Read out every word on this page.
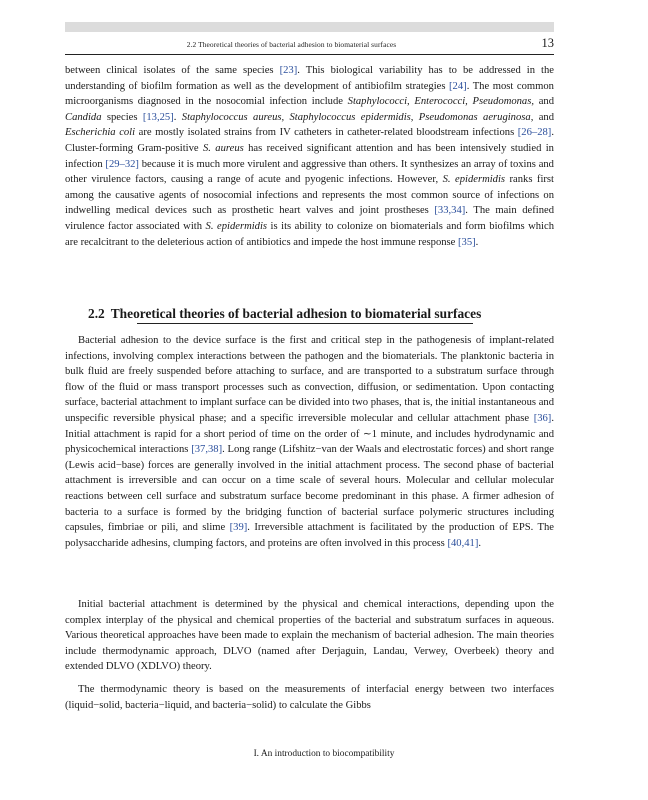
2.2 Theoretical theories of bacterial adhesion to biomaterial surfaces	13

between clinical isolates of the same species [23]. This biological variability has to be addressed in the understanding of biofilm formation as well as the development of antibiofilm strategies [24]. The most common microorganisms diagnosed in the nosocomial infection include Staphylococci, Enterococci, Pseudomonas, and Candida species [13,25]. Staphylococcus aureus, Staphylococcus epidermidis, Pseudomonas aeruginosa, and Escherichia coli are mostly isolated strains from IV catheters in catheter-related bloodstream infections [26–28]. Cluster-forming Gram-positive S. aureus has received significant attention and has been intensively studied in infection [29–32] because it is much more virulent and aggressive than others. It synthesizes an array of toxins and other virulence factors, causing a range of acute and pyogenic infections. However, S. epidermidis ranks first among the causative agents of nosocomial infections and represents the most common source of infections on indwelling medical devices such as prosthetic heart valves and joint prostheses [33,34]. The main defined virulence factor associated with S. epidermidis is its ability to colonize on biomaterials and form biofilms which are recalcitrant to the deleterious action of antibiotics and impede the host immune response [35].

2.2 Theoretical theories of bacterial adhesion to biomaterial surfaces

Bacterial adhesion to the device surface is the first and critical step in the pathogenesis of implant-related infections, involving complex interactions between the pathogen and the biomaterials. The planktonic bacteria in bulk fluid are freely suspended before attaching to surface, and are transported to a substratum surface through flow of the fluid or mass transport processes such as convection, diffusion, or sedimentation. Upon contacting surface, bacterial attachment to implant surface can be divided into two phases, that is, the initial instantaneous and unspecific reversible physical phase; and a specific irreversible molecular and cellular attachment phase [36]. Initial attachment is rapid for a short period of time on the order of ∼1 minute, and includes hydrodynamic and physicochemical interactions [37,38]. Long range (Lifshitz−van der Waals and electrostatic forces) and short range (Lewis acid−base) forces are generally involved in the initial attachment process. The second phase of bacterial attachment is irreversible and can occur on a time scale of several hours. Molecular and cellular molecular reactions between cell surface and substratum surface become predominant in this phase. A firmer adhesion of bacteria to a surface is formed by the bridging function of bacterial surface polymeric structures including capsules, fimbriae or pili, and slime [39]. Irreversible attachment is facilitated by the production of EPS. The polysaccharide adhesins, clumping factors, and proteins are often involved in this process [40,41].

Initial bacterial attachment is determined by the physical and chemical interactions, depending upon the complex interplay of the physical and chemical properties of the bacterial and substratum surfaces in aqueous. Various theoretical approaches have been made to explain the mechanism of bacterial adhesion. The main theories include thermodynamic approach, DLVO (named after Derjaguin, Landau, Verwey, Overbeek) theory and extended DLVO (XDLVO) theory.

The thermodynamic theory is based on the measurements of interfacial energy between two interfaces (liquid−solid, bacteria−liquid, and bacteria−solid) to calculate the Gibbs

I. An introduction to biocompatibility
